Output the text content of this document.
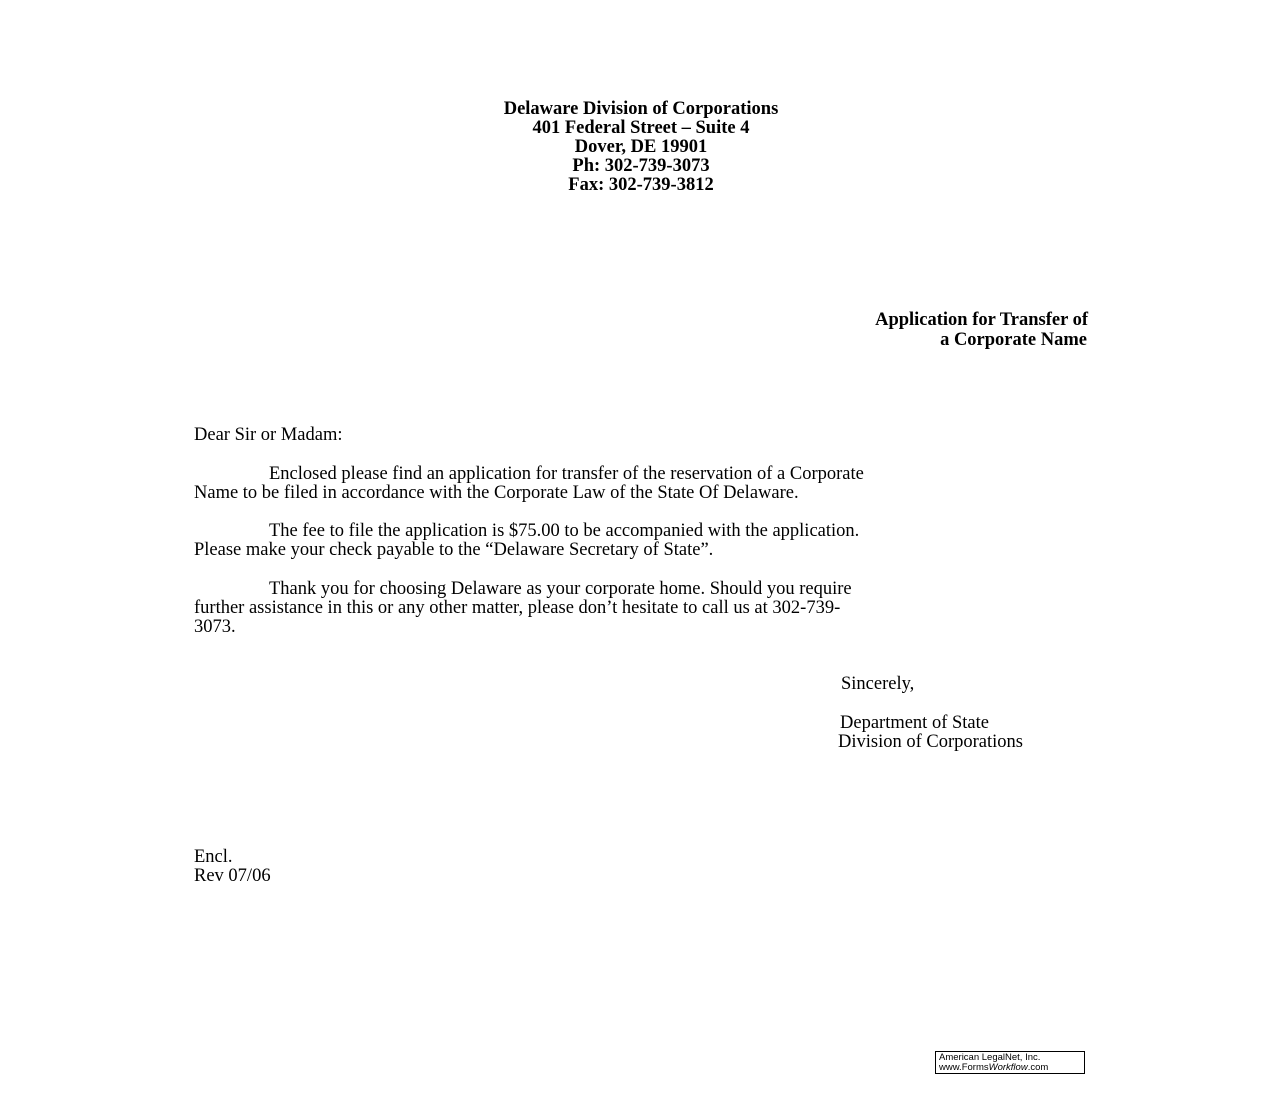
Delaware Division of Corporations
401 Federal Street – Suite 4
Dover, DE 19901
Ph: 302-739-3073
Fax: 302-739-3812
Application for Transfer of
a Corporate Name
Dear Sir or Madam:
Enclosed please find an application for transfer of the reservation of a Corporate
Name to be filed in accordance with the Corporate Law of the State Of Delaware.
The fee to file the application is $75.00 to be accompanied with the application.
Please make your check payable to the “Delaware Secretary of State”.
Thank you for choosing Delaware as your corporate home. Should you require
further assistance in this or any other matter, please don’t hesitate to call us at 302-739-
3073.
Sincerely,
Department of State
Division of Corporations
Encl.
Rev 07/06
American LegalNet, Inc.
www.FormsWorkflow.com
